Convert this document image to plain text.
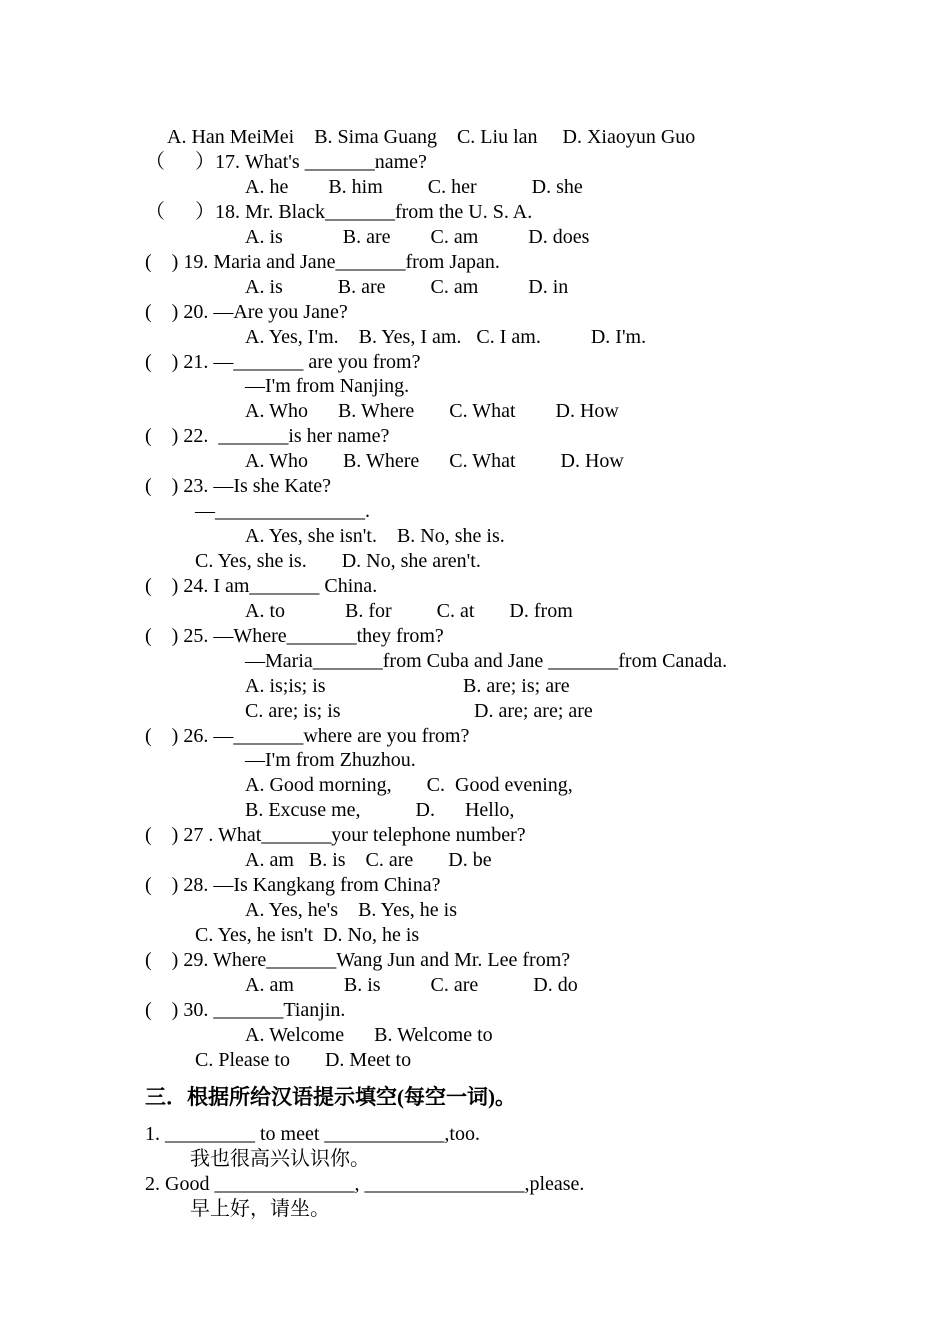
A. Han MeiMei    B. Sima Guang    C. Liu lan     D. Xiaoyun Guo
（      ）17. What's _______name?
A. he        B. him         C. her           D. she
（      ）18. Mr. Black_______from the U. S. A.
A. is            B. are        C. am          D. does
(    ) 19. Maria and Jane_______from Japan.
A. is           B. are         C. am          D. in
(    ) 20. —Are you Jane?
A. Yes, I'm.    B. Yes, I am.   C. I am.          D. I'm.
(    ) 21. —_______ are you from?
—I'm from Nanjing.
A. Who      B. Where       C. What        D. How
(    ) 22.  _______is her name?
A. Who       B. Where      C. What         D. How
(    ) 23. —Is she Kate?
—_______________.
A. Yes, she isn't.    B. No, she is.
C. Yes, she is.       D. No, she aren't.
(    ) 24. I am_______ China.
A. to            B. for         C. at       D. from
(    ) 25. —Where_______they from?
—Maria_______from Cuba and Jane _______from Canada.
A. is;is; is	B. are; is; are
C. are; is; is	D. are; are; are
(    ) 26. —_______where are you from?
—I'm from Zhuzhou.
A. Good morning,       C.  Good evening,
B. Excuse me,           D.      Hello,
(    ) 27 . What_______your telephone number?
A. am   B. is    C. are       D. be
(    ) 28. —Is Kangkang from China?
A. Yes, he's    B. Yes, he is
C. Yes, he isn't  D. No, he is
(    ) 29. Where_______Wang Jun and Mr. Lee from?
A. am          B. is          C. are           D. do
(    ) 30. _______Tianjin.
A. Welcome      B. Welcome to
C. Please to       D. Meet to
三．根据所给汉语提示填空(每空一词)。
1. _________ to meet ____________,too.
我也很高兴认识你。
2. Good ______________, ________________,please.
早上好，请坐。
